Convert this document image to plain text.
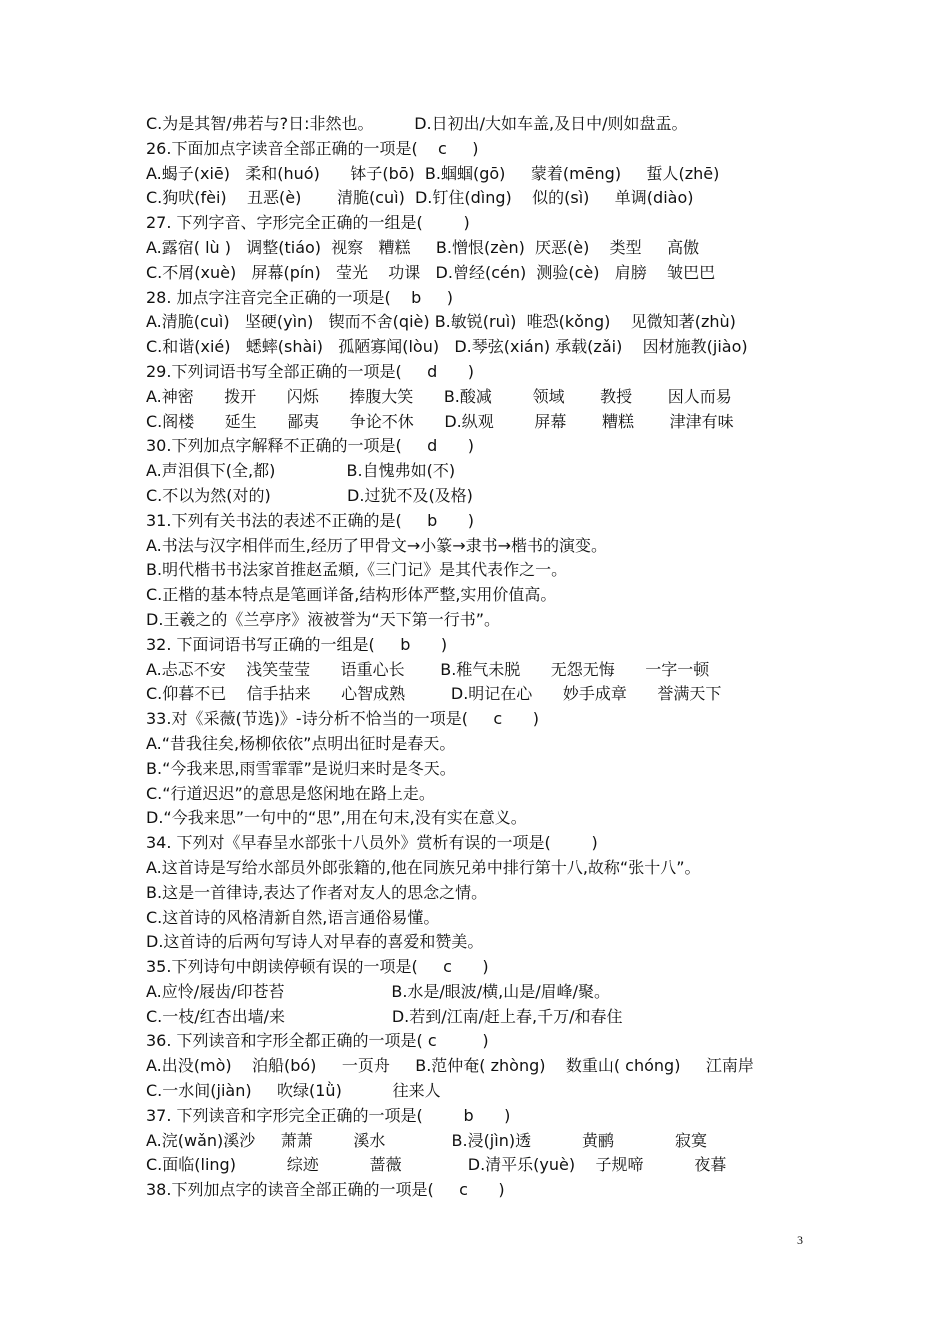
C.为是其智/弗若与?日:非然也。        D.日初出/大如车盖,及日中/则如盘盂。
26.下面加点字读音全部正确的一项是(    c     )
A.蝎子(xiē)   柔和(huó)      钵子(bō)  B.蝈蝈(gō)     蒙着(mēng)     蜇人(zhē)
C.狗吠(fèi)    丑恶(è)       清脆(cuì)  D.钉住(dìng)    似的(sì)     单调(diào)
27. 下列字音、字形完全正确的一组是(        )
A.露宿( lù )   调整(tiáo)  视察   糟糕     B.憎恨(zèn)  厌恶(è)    类型     高傲
C.不屑(xuè)   屏幕(pín)   莹光    功课   D.曾经(cén)  测验(cè)   肩膀    皱巴巴
28. 加点字注音完全正确的一项是(    b     )
A.清脆(cuì)   坚硬(yìn)   锲而不舍(qiè) B.敏锐(ruì)  唯恐(kǒng)    见微知著(zhù)
C.和谐(xié)   蟋蟀(shài)   孤陋寡闻(lòu)   D.琴弦(xián) 承载(zǎi)    因材施教(jiào)
29.下列词语书写全部正确的一项是(     d      )
A.神密      拨开      闪烁      捧腹大笑      B.酸减        领域       教授       因人而易
C.阁楼      延生      鄙夷      争论不休      D.纵观        屏幕       糟糕       津津有味
30.下列加点字解释不正确的一项是(     d      )
A.声泪俱下(全,都)              B.自愧弗如(不)
C.不以为然(对的)               D.过犹不及(及格)
31.下列有关书法的表述不正确的是(     b      )
A.书法与汉字相伴而生,经历了甲骨文→小篆→隶书→楷书的演变。
B.明代楷书书法家首推赵孟頫,《三门记》是其代表作之一。
C.正楷的基本特点是笔画详备,结构形体严整,实用价值高。
D.王羲之的《兰亭序》液被誉为“天下第一行书”。
32. 下面词语书写正确的一组是(     b      )
A.忐忑不安    浅笑莹莹      语重心长       B.稚气未脱      无怨无悔      一字一顿
C.仰暮不已    信手拈来      心智成熟         D.明记在心      妙手成章      誉满天下
33.对《采薇(节选)》-诗分析不恰当的一项是(     c      )
A.“昔我往矣,杨柳依依”点明出征时是春天。
B.“今我来思,雨雪霏霏”是说归来时是冬天。
C.“行道迟迟”的意思是悠闲地在路上走。
D.“今我来思”一句中的“思”,用在句末,没有实在意义。
34. 下列对《早春呈水部张十八员外》赏析有误的一项是(        )
A.这首诗是写给水部员外郎张籍的,他在同族兄弟中排行第十八,故称“张十八”。
B.这是一首律诗,表达了作者对友人的思念之情。
C.这首诗的风格清新自然,语言通俗易懂。
D.这首诗的后两句写诗人对早春的喜爱和赞美。
35.下列诗句中朗读停顿有误的一项是(     c      )
A.应怜/屐齿/印苍苔                     B.水是/眼波/横,山是/眉峰/聚。
C.一枝/红杏出墙/来                     D.若到/江南/赶上春,千万/和春住
36. 下列读音和字形全都正确的一项是( c         )
A.出没(mò)    泊船(bó)     一页舟     B.范仲奄( zhòng)    数重山( chóng)     江南岸
C.一水间(jiàn)     吹绿(1ǜ)          往来人
37. 下列读音和字形完全正确的一项是(        b      )
A.浣(wǎn)溪沙     萧萧        溪水             B.浸(jìn)透          黄鹂            寂寞
C.面临(ling)          综迹          蔷薇             D.清平乐(yuè)    子规啼          夜暮
38.下列加点字的读音全部正确的一项是(     c      )
3
